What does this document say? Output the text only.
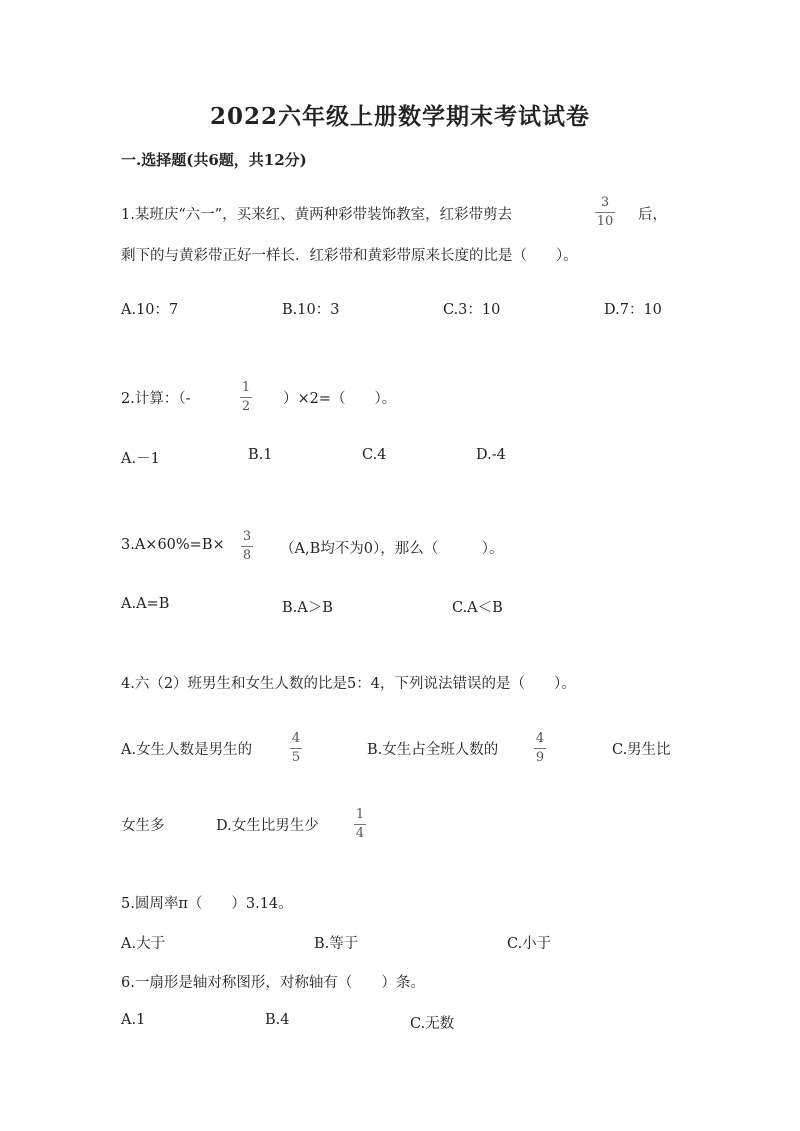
2022六年级上册数学期末考试试卷
一.选择题(共6题，共12分)
1.某班庆“六一”，买来红、黄两种彩带装饰教室，红彩带剪去
3
10 后，
剩下的与黄彩带正好一样长．红彩带和黄彩带原来长度的比是（　　）。
A.10：7	B.10：3	C.3：10	D.7：10
2.计算：（-
1
2 ）×2=（　　）。
A.－1	B.1	C.4	D.-4
3.A×60%=B×
3
8 （A,B均不为0），那么（　　　）。
A.A=B	B.A＞B	C.A＜B
4.六（2）班男生和女生人数的比是5：4，下列说法错误的是（　　）。
A.女生人数是男生的
4
5	B.女生占全班人数的
4
9	C.男生比
女生多	D.女生比男生少
1
4
5.圆周率π（　　）3.14。
A.大于	B.等于	C.小于
6.一扇形是轴对称图形，对称轴有（　　）条。
A.1	B.4	C.无数
